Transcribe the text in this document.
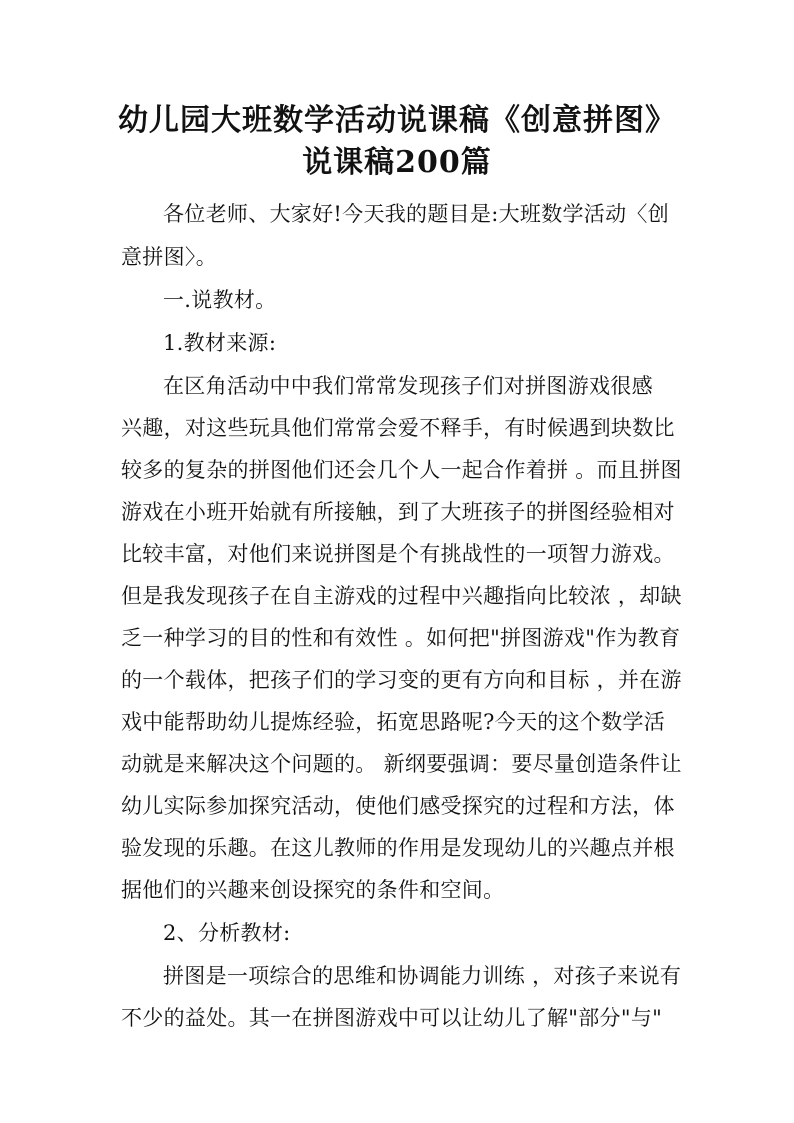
幼儿园大班数学活动说课稿《创意拼图》
说课稿200篇
各位老师、大家好!今天我的题目是:大班数学活动〈创
意拼图〉。
一.说教材。
1.教材来源:
在区角活动中中我们常常发现孩子们对拼图游戏很感
兴趣，对这些玩具他们常常会爱不释手，有时候遇到块数比
较多的复杂的拼图他们还会几个人一起合作着拼 。而且拼图
游戏在小班开始就有所接触，到了大班孩子的拼图经验相对
比较丰富，对他们来说拼图是个有挑战性的一项智力游戏。
但是我发现孩子在自主游戏的过程中兴趣指向比较浓 ，却缺
乏一种学习的目的性和有效性 。如何把"拼图游戏"作为教育
的一个载体，把孩子们的学习变的更有方向和目标 ，并在游
戏中能帮助幼儿提炼经验，拓宽思路呢?今天的这个数学活
动就是来解决这个问题的。 新纲要强调：要尽量创造条件让
幼儿实际参加探究活动，使他们感受探究的过程和方法，体
验发现的乐趣。在这儿教师的作用是发现幼儿的兴趣点并根
据他们的兴趣来创设探究的条件和空间。
2、分析教材:
拼图是一项综合的思维和协调能力训练 ，对孩子来说有
不少的益处。其一在拼图游戏中可以让幼儿了解"部分"与"
